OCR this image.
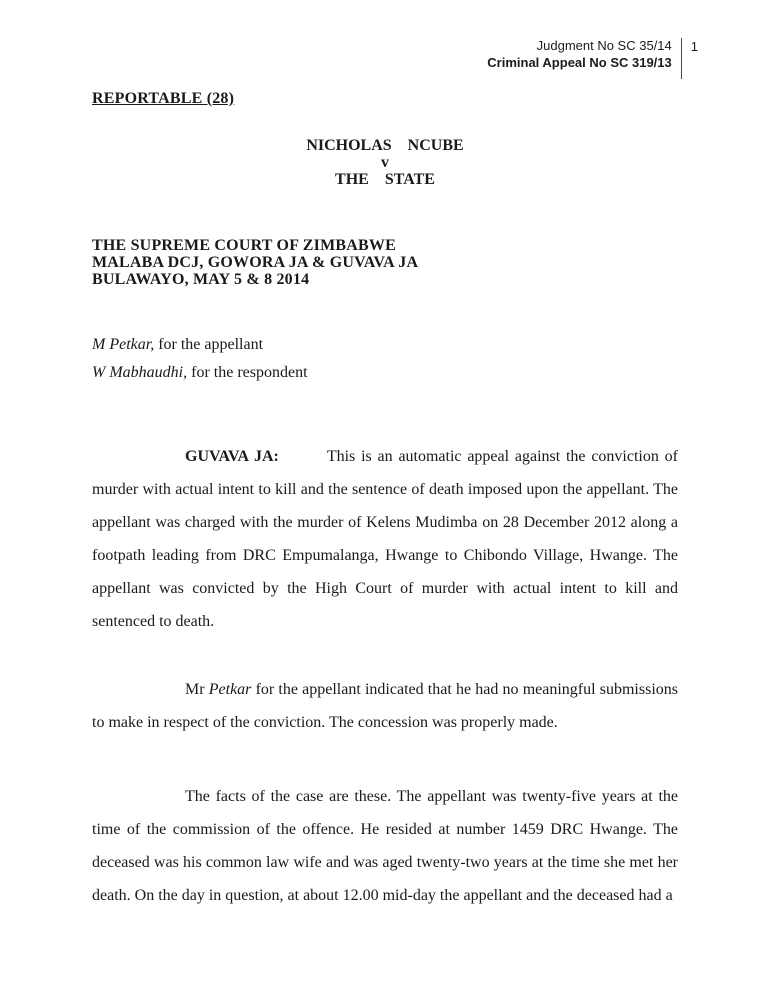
Judgment No SC 35/14
Criminal Appeal No SC 319/13
1
REPORTABLE (28)
NICHOLAS    NCUBE
v
THE    STATE
THE SUPREME COURT OF ZIMBABWE
MALABA DCJ, GOWORA JA & GUVAVA JA
BULAWAYO, MAY 5 & 8 2014
M Petkar, for the appellant
W Mabhaudhi, for the respondent
GUVAVA JA:	This is an automatic appeal against the conviction of murder with actual intent to kill and the sentence of death imposed upon the appellant. The appellant was charged with the murder of Kelens Mudimba on 28 December 2012 along a footpath leading from DRC Empumalanga, Hwange to Chibondo Village, Hwange. The appellant was convicted by the High Court of murder with actual intent to kill and sentenced to death.
Mr Petkar for the appellant indicated that he had no meaningful submissions to make in respect of the conviction. The concession was properly made.
The facts of the case are these. The appellant was twenty-five years at the time of the commission of the offence. He resided at number 1459 DRC Hwange. The deceased was his common law wife and was aged twenty-two years at the time she met her death. On the day in question, at about 12.00 mid-day the appellant and the deceased had a
